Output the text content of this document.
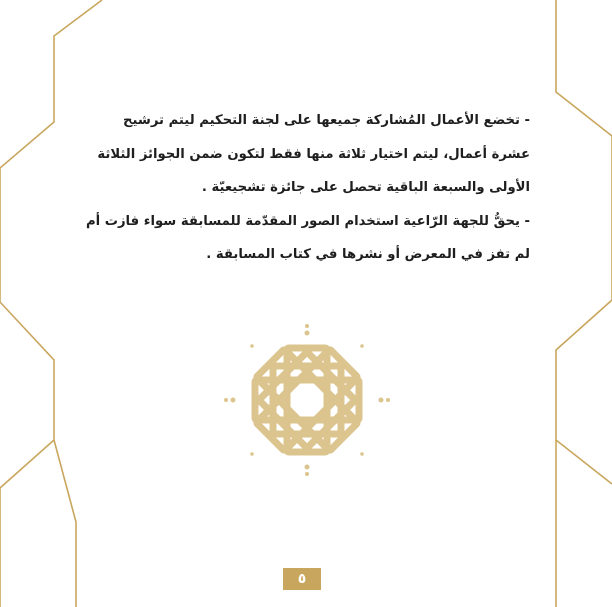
- تخضع الأعمال المُشاركة جميعها على لجنة التحكيم ليتم ترشيح عشرة أعمال، ليتم اختيار ثلاثة منها فقط لتكون ضمن الجوائز الثلاثة الأولى والسبعة الباقية تحصل على جائزة تشجيعيّة .

- يحقُّ للجهة الرّاعية استخدام الصور المقدّمة للمسابقة سواء فازت أم لم تفز في المعرض أو نشرها في كتاب المسابقة .

٥
